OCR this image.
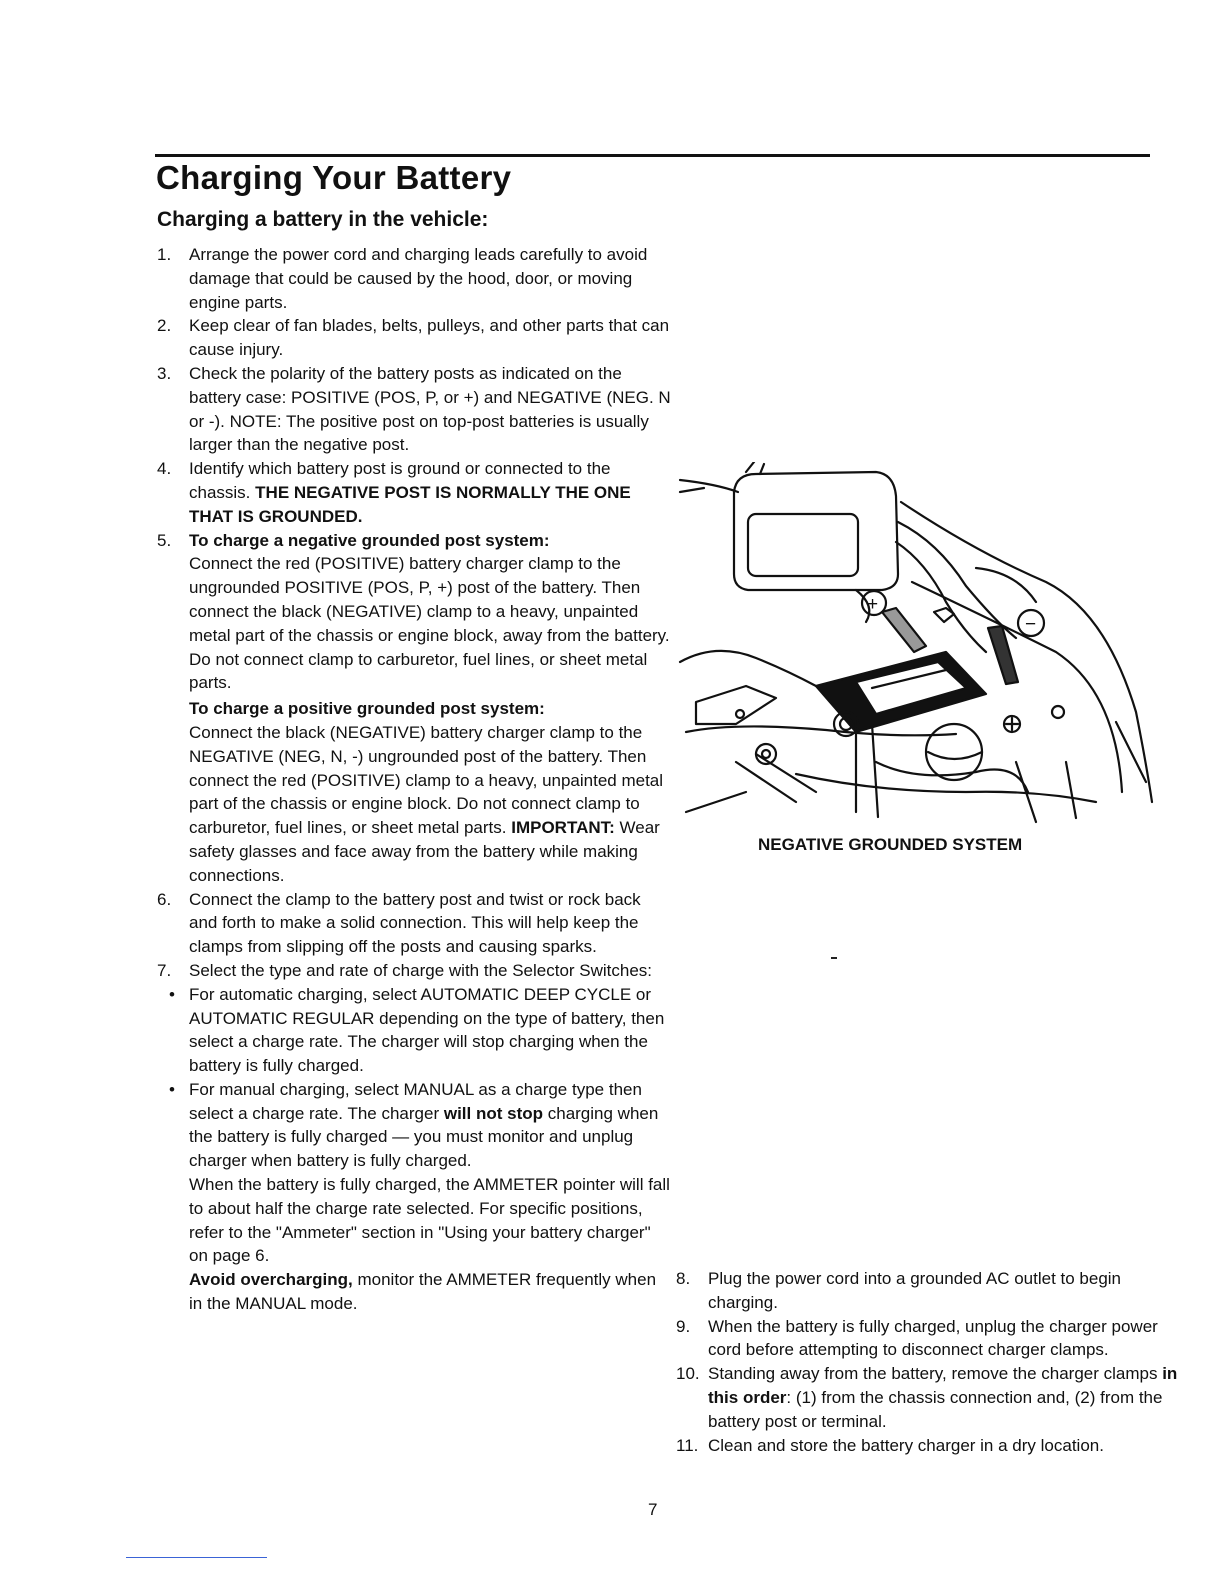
Charging Your Battery
Charging a battery in the vehicle:
1.	Arrange the power cord and charging leads carefully to avoid damage that could be caused by the hood, door, or moving engine parts.
2.	Keep clear of fan blades, belts, pulleys, and other parts that can cause injury.
3.	Check the polarity of the battery posts as indicated on the battery case: POSITIVE (POS, P, or +) and NEGATIVE (NEG. N or -). NOTE: The positive post on top-post batteries is usually larger than the negative post.
4.	Identify which battery post is ground or connected to the chassis. THE NEGATIVE POST IS NORMALLY THE ONE THAT IS GROUNDED.
5.	To charge a negative grounded post system:
Connect the red (POSITIVE) battery charger clamp to the ungrounded POSITIVE (POS, P, +) post of the battery. Then connect the black (NEGATIVE) clamp to a heavy, unpainted metal part of the chassis or engine block, away from the battery. Do not connect clamp to carburetor, fuel lines, or sheet metal parts.
To charge a positive grounded post system:
Connect the black (NEGATIVE) battery charger clamp to the NEGATIVE (NEG, N, -) ungrounded post of the battery. Then connect the red (POSITIVE) clamp to a heavy, unpainted metal part of the chassis or engine block. Do not connect clamp to carburetor, fuel lines, or sheet metal parts. IMPORTANT: Wear safety glasses and face away from the battery while making connections.
6.	Connect the clamp to the battery post and twist or rock back and forth to make a solid connection. This will help keep the clamps from slipping off the posts and causing sparks.
7.	Select the type and rate of charge with the Selector Switches:
• For automatic charging, select AUTOMATIC DEEP CYCLE or AUTOMATIC REGULAR depending on the type of battery, then select a charge rate. The charger will stop charging when the battery is fully charged.
• For manual charging, select MANUAL as a charge type then select a charge rate. The charger will not stop charging when the battery is fully charged — you must monitor and unplug charger when battery is fully charged.
When the battery is fully charged, the AMMETER pointer will fall to about half the charge rate selected. For specific positions, refer to the "Ammeter" section in "Using your battery charger" on page 6.
Avoid overcharging, monitor the AMMETER frequently when in the MANUAL mode.
+
−
NEGATIVE GROUNDED SYSTEM
8.	Plug the power cord into a grounded AC outlet to begin charging.
9.	When the battery is fully charged, unplug the charger power cord before attempting to disconnect charger clamps.
10. Standing away from the battery, remove the charger clamps in this order: (1) from the chassis connection and, (2) from the battery post or terminal.
11. Clean and store the battery charger in a dry location.
7
